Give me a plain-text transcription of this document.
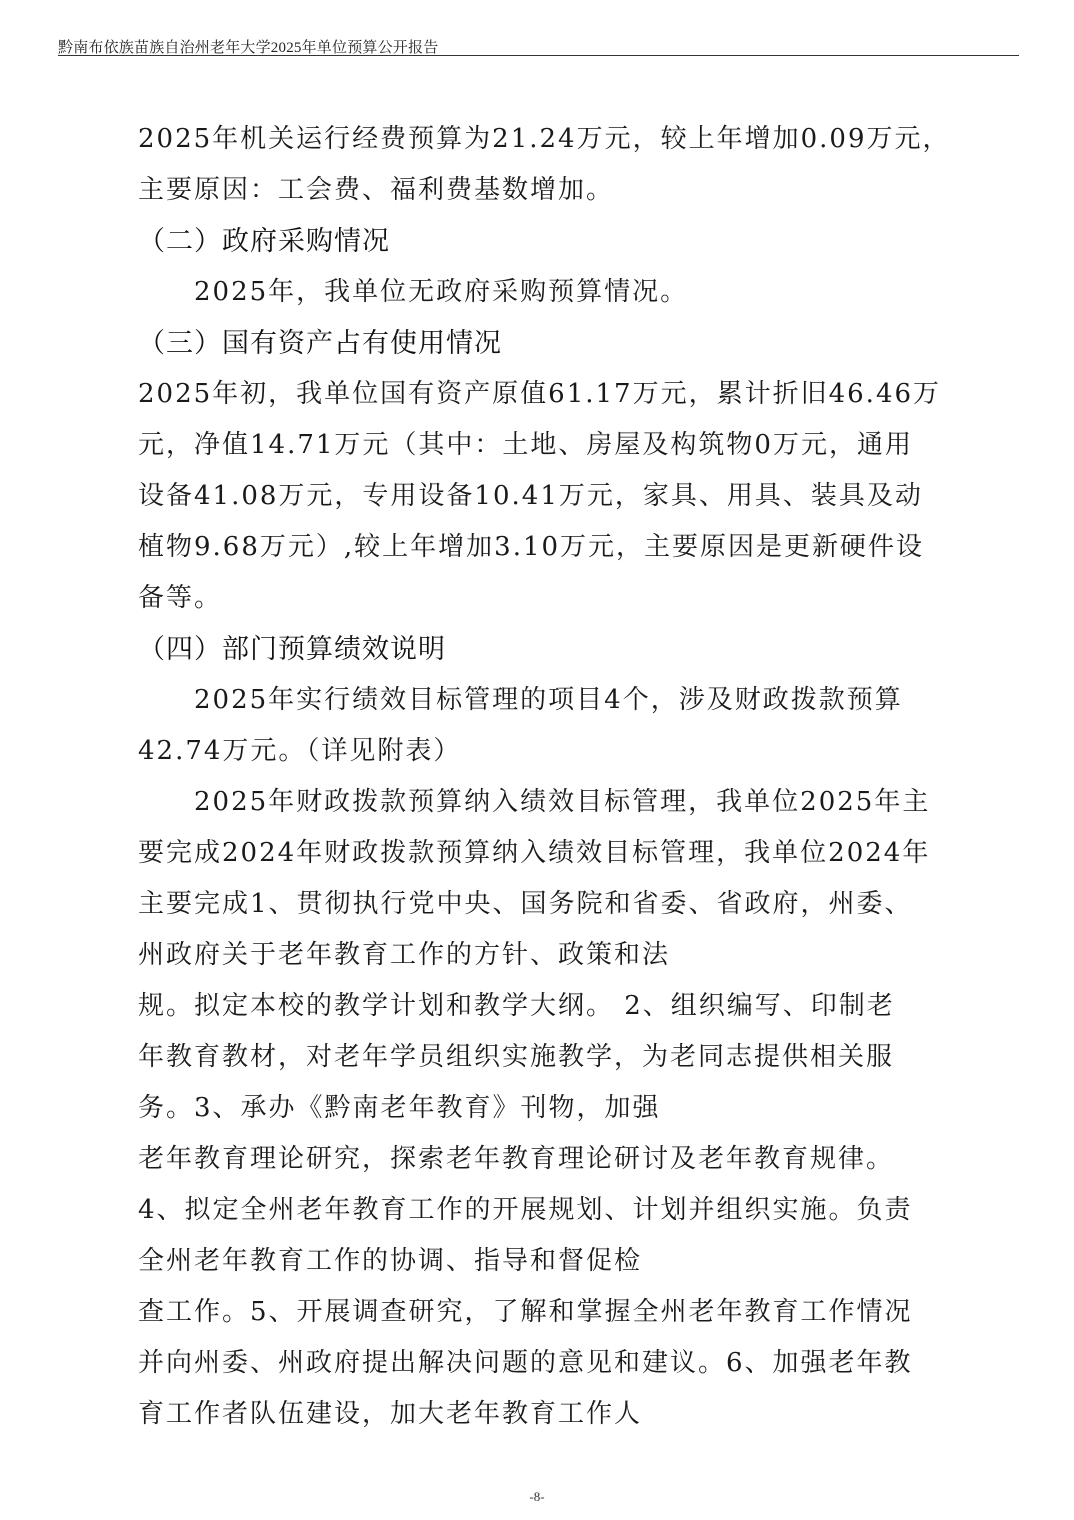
黔南布依族苗族自治州老年大学2025年单位预算公开报告
2025年机关运行经费预算为21.24万元，较上年增加0.09万元，
主要原因：工会费、福利费基数增加。
（二）政府采购情况
2025年，我单位无政府采购预算情况。
（三）国有资产占有使用情况
2025年初，我单位国有资产原值61.17万元，累计折旧46.46万
元，净值14.71万元（其中：土地、房屋及构筑物0万元，通用
设备41.08万元，专用设备10.41万元，家具、用具、装具及动
植物9.68万元）,较上年增加3.10万元，主要原因是更新硬件设
备等。
（四）部门预算绩效说明
2025年实行绩效目标管理的项目4个，涉及财政拨款预算
42.74万元。（详见附表）
2025年财政拨款预算纳入绩效目标管理，我单位2025年主
要完成2024年财政拨款预算纳入绩效目标管理，我单位2024年
主要完成1、贯彻执行党中央、国务院和省委、省政府，州委、
州政府关于老年教育工作的方针、政策和法
规。拟定本校的教学计划和教学大纲。 2、组织编写、印制老
年教育教材，对老年学员组织实施教学，为老同志提供相关服
务。3、承办《黔南老年教育》刊物，加强
老年教育理论研究，探索老年教育理论研讨及老年教育规律。
4、拟定全州老年教育工作的开展规划、计划并组织实施。负责
全州老年教育工作的协调、指导和督促检
查工作。5、开展调查研究，了解和掌握全州老年教育工作情况
并向州委、州政府提出解决问题的意见和建议。6、加强老年教
育工作者队伍建设，加大老年教育工作人
-8-
